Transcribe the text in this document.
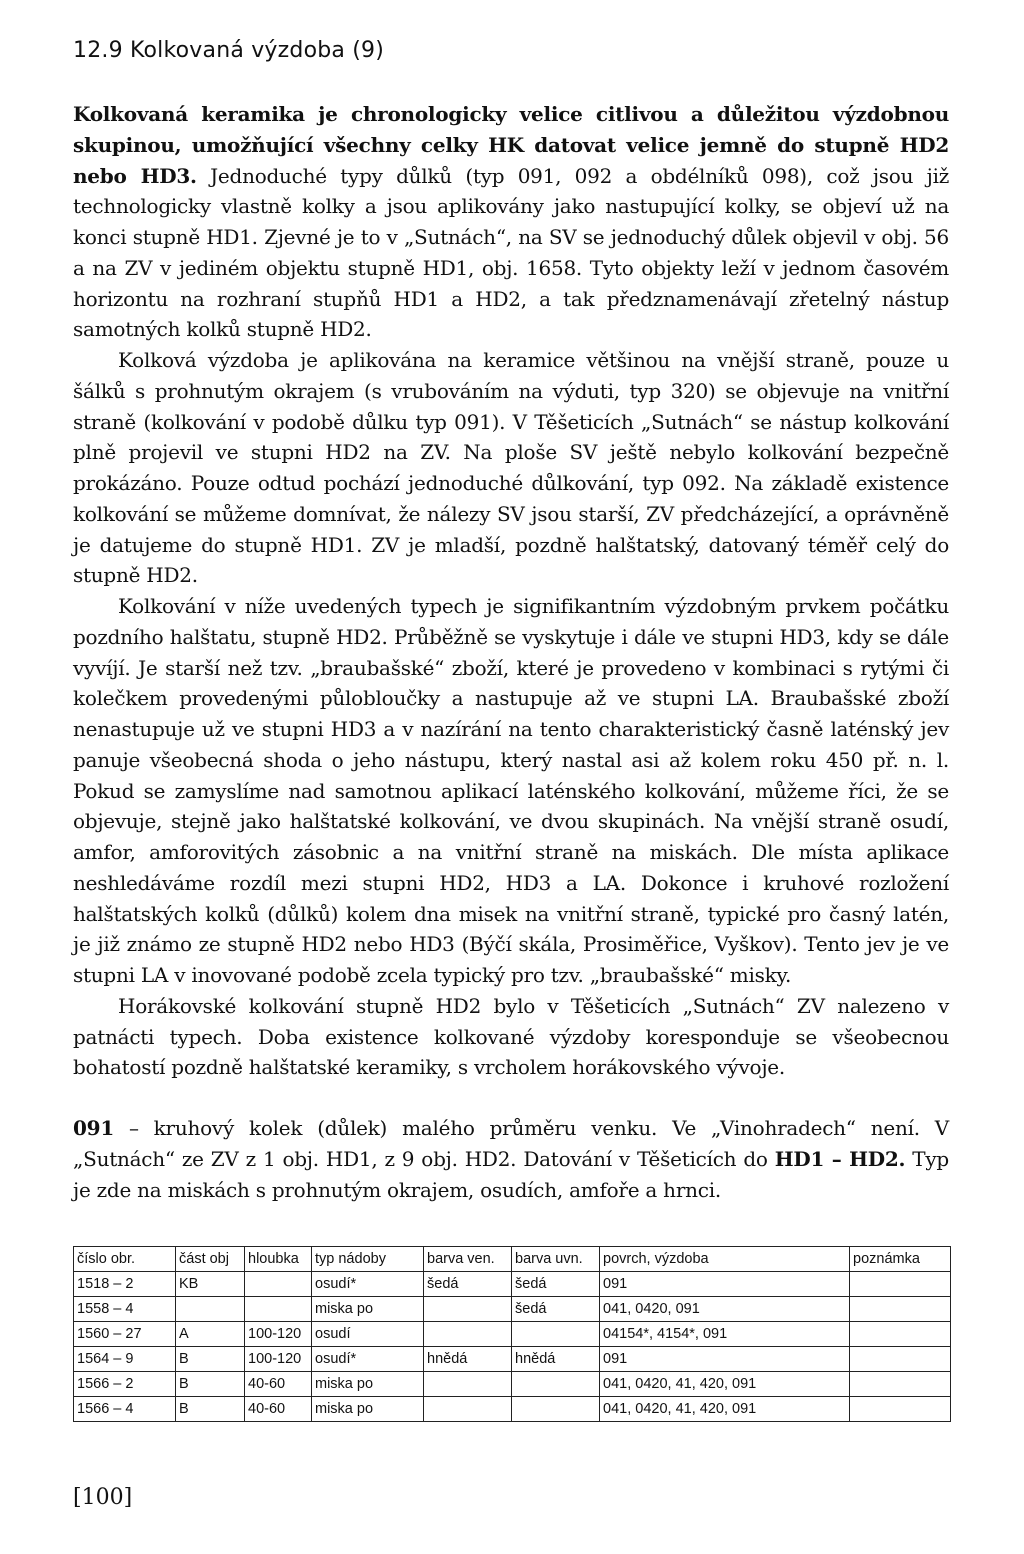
12.9 Kolkovaná výzdoba (9)

Kolkovaná keramika je chronologicky velice citlivou a důležitou výzdobnou skupinou, umožňující všechny celky HK datovat velice jemně do stupně HD2 nebo HD3. Jednoduché typy důlků (typ 091, 092 a obdélníků 098), což jsou již technologicky vlastně kolky a jsou aplikovány jako nastupující kolky, se objeví už na konci stupně HD1. Zjevné je to v „Sutnách“, na SV se jednoduchý důlek objevil v obj. 56 a na ZV v jediném objektu stupně HD1, obj. 1658. Tyto objekty leží v jednom časovém horizontu na rozhraní stupňů HD1 a HD2, a tak předznamenávají zřetelný nástup samotných kolků stupně HD2.

Kolková výzdoba je aplikována na keramice většinou na vnější straně, pouze u šálků s prohnutým okrajem (s vrubováním na výduti, typ 320) se objevuje na vnitřní straně (kolkování v podobě důlku typ 091). V Těšeticích „Sutnách“ se nástup kolkování plně projevil ve stupni HD2 na ZV. Na ploše SV ještě nebylo kolkování bezpečně prokázáno. Pouze odtud pochází jednoduché důlkování, typ 092. Na základě existence kolkování se můžeme domnívat, že nálezy SV jsou starší, ZV předcházející, a oprávněně je datujeme do stupně HD1. ZV je mladší, pozdně halštatský, datovaný téměř celý do stupně HD2.

Kolkování v níže uvedených typech je signifikantním výzdobným prvkem počátku pozdního halštatu, stupně HD2. Průběžně se vyskytuje i dále ve stupni HD3, kdy se dále vyvíjí. Je starší než tzv. „braubašské“ zboží, které je provedeno v kombinaci s rytými či kolečkem provedenými půlobloučky a nastupuje až ve stupni LA. Braubašské zboží nenastupuje už ve stupni HD3 a v nazírání na tento charakteristický časně laténský jev panuje všeobecná shoda o jeho nástupu, který nastal asi až kolem roku 450 př. n. l. Pokud se zamyslíme nad samotnou aplikací laténského kolkování, můžeme říci, že se objevuje, stejně jako halštatské kolkování, ve dvou skupinách. Na vnější straně osudí, amfor, amforovitých zásobnic a na vnitřní straně na miskách. Dle místa aplikace neshledáváme rozdíl mezi stupni HD2, HD3 a LA. Dokonce i kruhové rozložení halštatských kolků (důlků) kolem dna misek na vnitřní straně, typické pro časný latén, je již známo ze stupně HD2 nebo HD3 (Býčí skála, Prosiměřice, Vyškov). Tento jev je ve stupni LA v inovované podobě zcela typický pro tzv. „braubašské“ misky.

Horákovské kolkování stupně HD2 bylo v Těšeticích „Sutnách“ ZV nalezeno v patnácti typech. Doba existence kolkované výzdoby koresponduje se všeobecnou bohatostí pozdně halštatské keramiky, s vrcholem horákovského vývoje.

091 – kruhový kolek (důlek) malého průměru venku. Ve „Vinohradech“ není. V „Sutnách“ ze ZV z 1 obj. HD1, z 9 obj. HD2. Datování v Těšeticích do HD1 – HD2. Typ je zde na miskách s prohnutým okrajem, osudích, amfoře a hrnci.

číslo obr.	část obj	hloubka	typ nádoby	barva ven.	barva uvn.	povrch, výzdoba	poznámka
1518 – 2	KB		osudí*	šedá	šedá	091	
1558 – 4			miska po		šedá	041, 0420, 091	
1560 – 27	A	100-120	osudí			04154*, 4154*, 091	
1564 – 9	B	100-120	osudí*	hnědá	hnědá	091	
1566 – 2	B	40-60	miska po			041, 0420, 41, 420, 091	
1566 – 4	B	40-60	miska po			041, 0420, 41, 420, 091	
[100]
